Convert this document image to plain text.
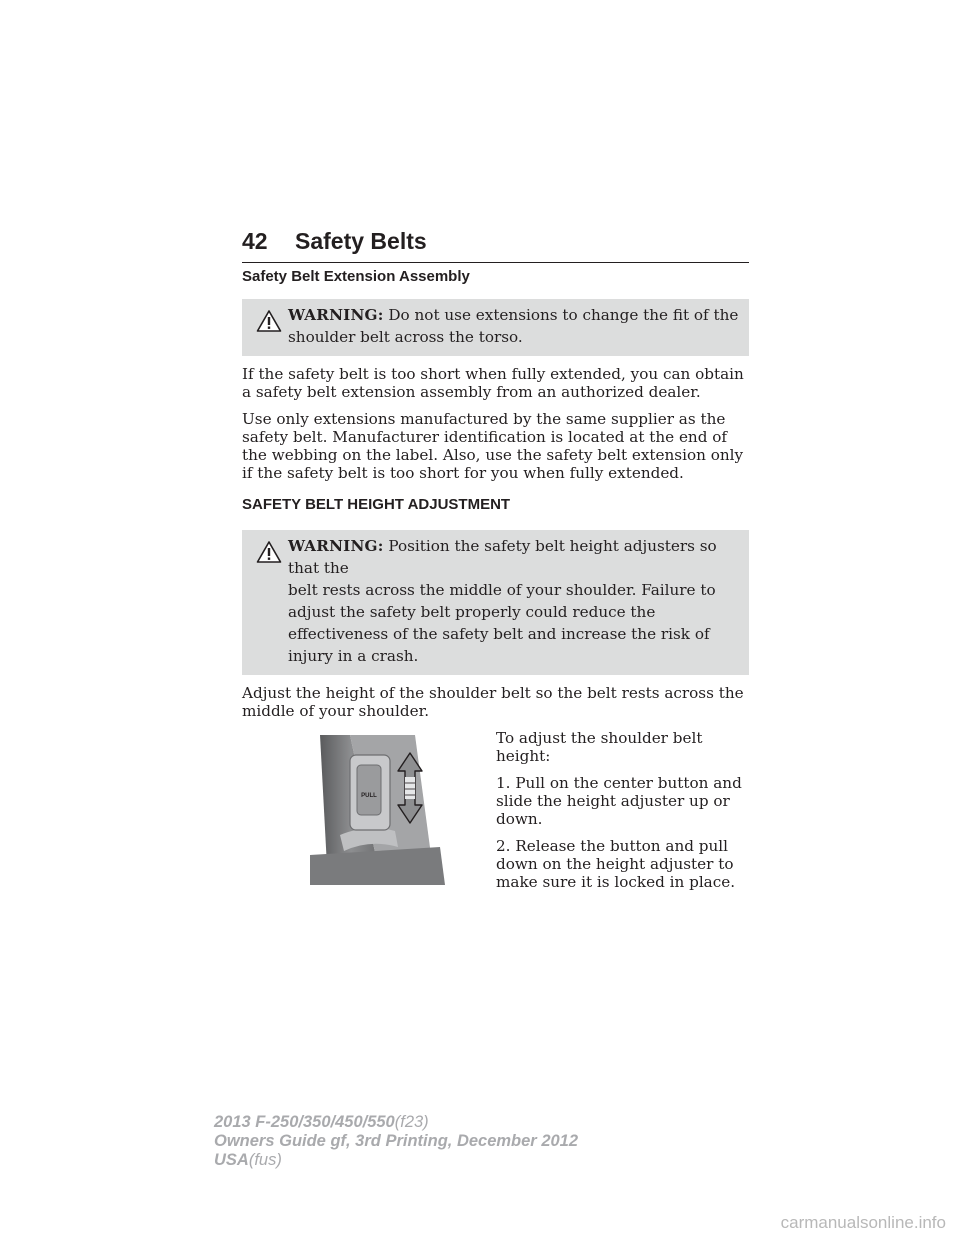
42 Safety Belts
Safety Belt Extension Assembly
WARNING: Do not use extensions to change the fit of the
shoulder belt across the torso.

If the safety belt is too short when fully extended, you can obtain a safety belt extension assembly from an authorized dealer.

Use only extensions manufactured by the same supplier as the safety belt. Manufacturer identification is located at the end of the webbing on the label. Also, use the safety belt extension only if the safety belt is too short for you when fully extended.

SAFETY BELT HEIGHT ADJUSTMENT
WARNING: Position the safety belt height adjusters so that the
belt rests across the middle of your shoulder. Failure to adjust the safety belt properly could reduce the effectiveness of the safety belt and increase the risk of injury in a crash.

Adjust the height of the shoulder belt so the belt rests across the middle of your shoulder.

PULL

To adjust the shoulder belt height:

1. Pull on the center button and slide the height adjuster up or down.

2. Release the button and pull down on the height adjuster to make sure it is locked in place.

2013 F-250/350/450/550(f23)
Owners Guide gf, 3rd Printing, December 2012
USA(fus)
carmanualsonline.info
